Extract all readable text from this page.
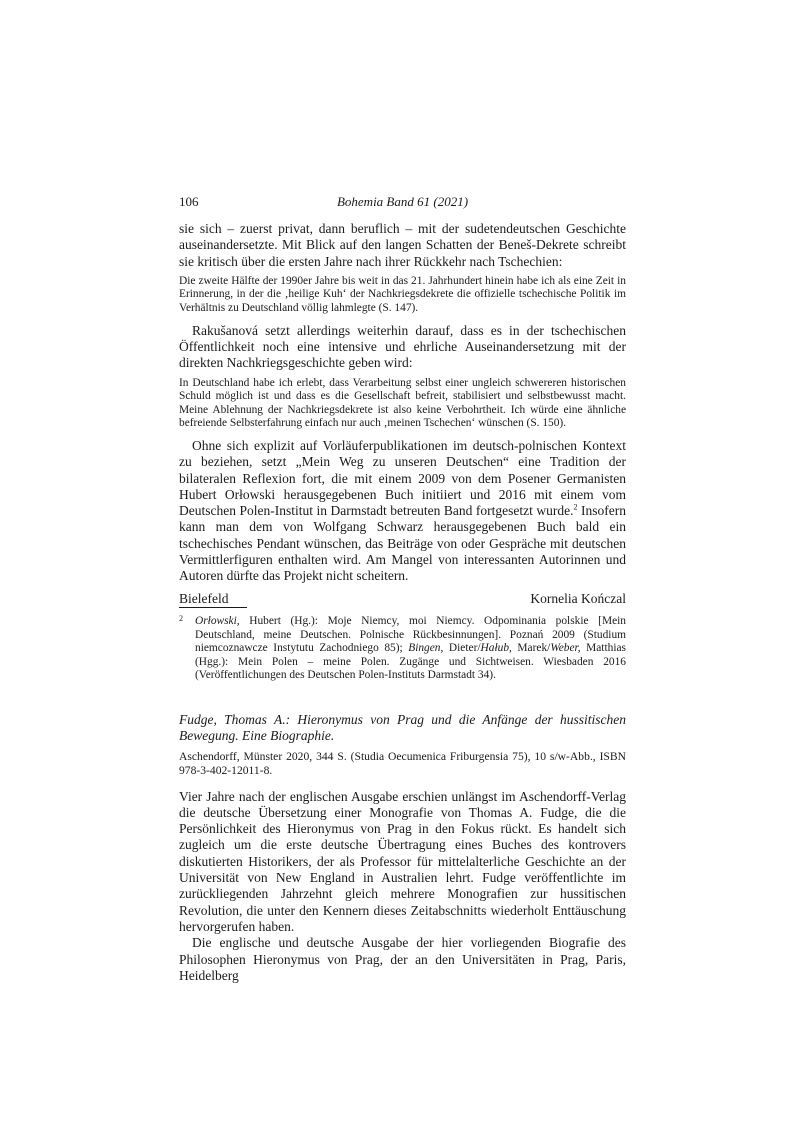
106	Bohemia Band 61 (2021)

sie sich – zuerst privat, dann beruflich – mit der sudetendeutschen Geschichte auseinandersetzte. Mit Blick auf den langen Schatten der Beneš-Dekrete schreibt sie kritisch über die ersten Jahre nach ihrer Rückkehr nach Tschechien:

Die zweite Hälfte der 1990er Jahre bis weit in das 21. Jahrhundert hinein habe ich als eine Zeit in Erinnerung, in der die ‚heilige Kuh‘ der Nachkriegsdekrete die offizielle tschechische Politik im Verhältnis zu Deutschland völlig lahmlegte (S. 147).

Rakušanová setzt allerdings weiterhin darauf, dass es in der tschechischen Öffentlichkeit noch eine intensive und ehrliche Auseinandersetzung mit der direkten Nachkriegsgeschichte geben wird:

In Deutschland habe ich erlebt, dass Verarbeitung selbst einer ungleich schwereren historischen Schuld möglich ist und dass es die Gesellschaft befreit, stabilisiert und selbstbewusst macht. Meine Ablehnung der Nachkriegsdekrete ist also keine Verbohrtheit. Ich würde eine ähnliche befreiende Selbsterfahrung einfach nur auch ‚meinen Tschechen‘ wünschen (S. 150).

Ohne sich explizit auf Vorläuferpublikationen im deutsch-polnischen Kontext zu beziehen, setzt „Mein Weg zu unseren Deutschen“ eine Tradition der bilateralen Reflexion fort, die mit einem 2009 von dem Posener Germanisten Hubert Orłowski herausgegebenen Buch initiiert und 2016 mit einem vom Deutschen Polen-Institut in Darmstadt betreuten Band fortgesetzt wurde.$^2$ Insofern kann man dem von Wolfgang Schwarz herausgegebenen Buch bald ein tschechisches Pendant wünschen, das Beiträge von oder Gespräche mit deutschen Vermittlerfiguren enthalten wird. Am Mangel von interessanten Autorinnen und Autoren dürfte das Projekt nicht scheitern.

Bielefeld	Kornelia Kończal

2 Orłowski, Hubert (Hg.): Moje Niemcy, moi Niemcy. Odpominania polskie [Mein Deutschland, meine Deutschen. Polnische Rückbesinnungen]. Poznań 2009 (Studium niemcoznawcze Instytutu Zachodniego 85); Bingen, Dieter/Hałub, Marek/Weber, Matthias (Hgg.): Mein Polen – meine Polen. Zugänge und Sichtweisen. Wiesbaden 2016 (Veröffentlichungen des Deutschen Polen-Instituts Darmstadt 34).

Fudge, Thomas A.: Hieronymus von Prag und die Anfänge der hussitischen Bewegung. Eine Biographie.

Aschendorff, Münster 2020, 344 S. (Studia Oecumenica Friburgensia 75), 10 s/w-Abb., ISBN 978-3-402-12011-8.

Vier Jahre nach der englischen Ausgabe erschien unlängst im Aschendorff-Verlag die deutsche Übersetzung einer Monografie von Thomas A. Fudge, die die Persönlichkeit des Hieronymus von Prag in den Fokus rückt. Es handelt sich zugleich um die erste deutsche Übertragung eines Buches des kontrovers diskutierten Historikers, der als Professor für mittelalterliche Geschichte an der Universität von New England in Australien lehrt. Fudge veröffentlichte im zurückliegenden Jahrzehnt gleich mehrere Monografien zur hussitischen Revolution, die unter den Kennern dieses Zeitabschnitts wiederholt Enttäuschung hervorgerufen haben.

Die englische und deutsche Ausgabe der hier vorliegenden Biografie des Philosophen Hieronymus von Prag, der an den Universitäten in Prag, Paris, Heidelberg
